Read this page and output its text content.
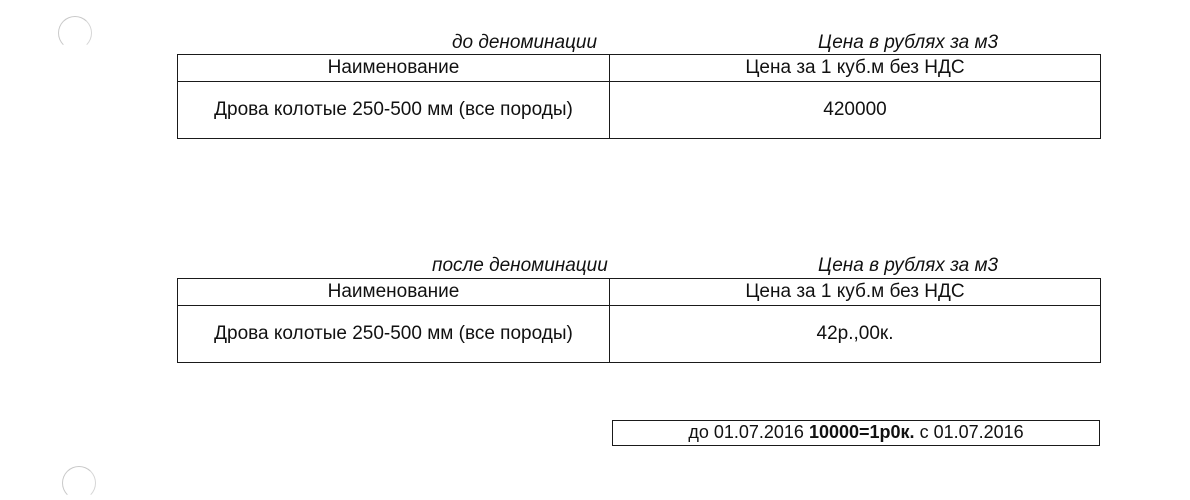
до деноминации	Цена в рублях за м3
Наименование	Цена за 1 куб.м без НДС
Дрова колотые 250-500 мм (все породы)	420000
после деноминации	Цена в рублях за м3
Наименование	Цена за 1 куб.м без НДС
Дрова колотые 250-500 мм (все породы)	42р.,00к.
до 01.07.2016 10000=1р0к. с 01.07.2016
